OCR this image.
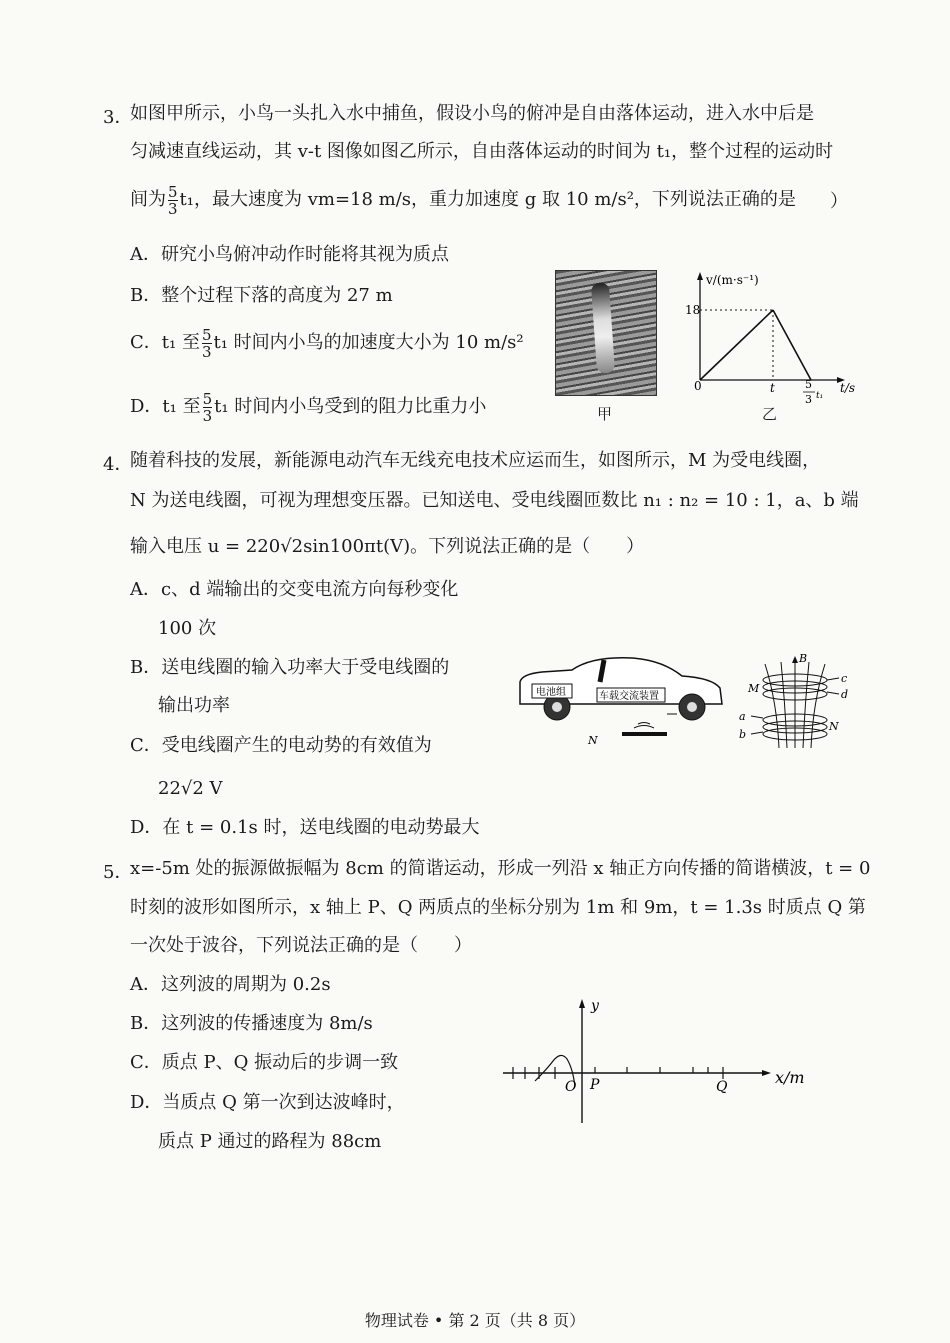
3．
如图甲所示，小鸟一头扎入水中捕鱼，假设小鸟的俯冲是自由落体运动，进入水中后是
匀减速直线运动，其 v-t 图像如图乙所示，自由落体运动的时间为 t₁，整个过程的运动时
间为 $\frac{5}{3} t_1$，最大速度为 vm=18 m/s，重力加速度 g 取 10 m/s²，下列说法正确的是 ）
A．研究小鸟俯冲动作时能将其视为质点
B．整个过程下落的高度为 27 m
C．t₁ 至 $\frac{5}{3} t_1$ 时间内小鸟的加速度大小为 10 m/s²
D．t₁ 至 $\frac{5}{3} t_1$ 时间内小鸟受到的阻力比重力小	甲
v/(m·s⁻¹)
18
0	t	5
3 t₁
t/s
乙
4．
随着科技的发展，新能源电动汽车无线充电技术应运而生，如图所示，M 为受电线圈，
N 为送电线圈，可视为理想变压器。已知送电、受电线圈匝数比 n₁ : n₂ = 10 : 1，a、b 端
输入电压 u = 220√2sin100πt(V)。下列说法正确的是（　　）
A．c、d 端输出的交变电流方向每秒变化
100 次
B．送电线圈的输入功率大于受电线圈的
输出功率
C．受电线圈产生的电动势的有效值为
22√2 V
D．在 t = 0.1s 时，送电线圈的电动势最大
电池组	车载交流装置
N
B
M
c
d
N
a
b
5．
x=-5m 处的振源做振幅为 8cm 的简谐运动，形成一列沿 x 轴正方向传播的简谐横波，t = 0
时刻的波形如图所示，x 轴上 P、Q 两质点的坐标分别为 1m 和 9m，t = 1.3s 时质点 Q 第
一次处于波谷，下列说法正确的是（　　）
A．这列波的周期为 0.2s
B．这列波的传播速度为 8m/s
C．质点 P、Q 振动后的步调一致
D．当质点 Q 第一次到达波峰时，
质点 P 通过的路程为 88cm
y
O P	Q	x/m
物理试卷 • 第 2 页（共 8 页）
